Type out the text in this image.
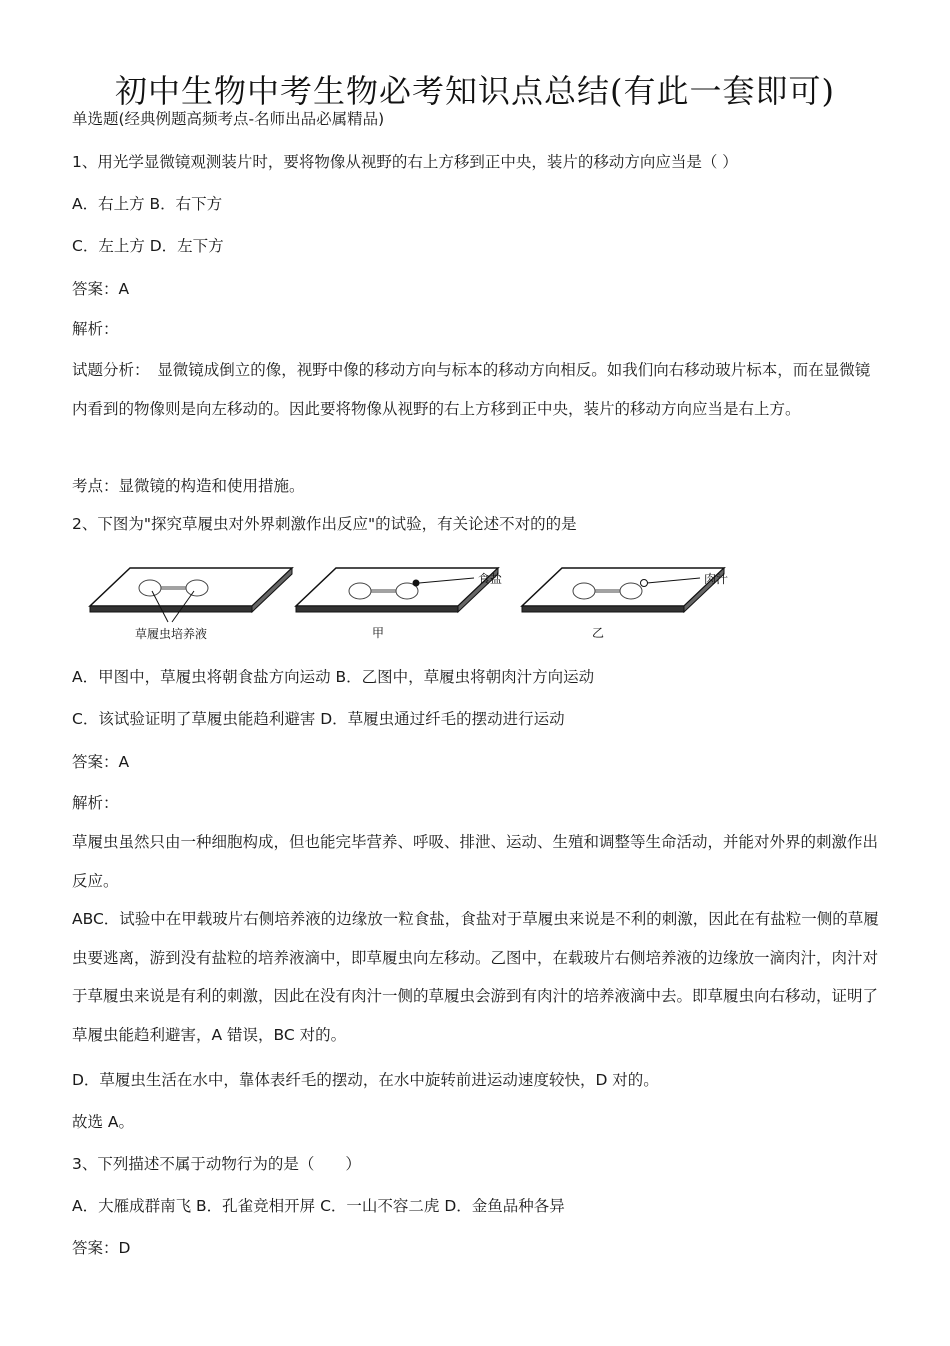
初中生物中考生物必考知识点总结(有此一套即可)
单选题(经典例题高频考点-名师出品必属精品)
1、用光学显微镜观测装片时，要将物像从视野的右上方移到正中央，装片的移动方向应当是（ ）
A．右上方 B．右下方
C．左上方 D．左下方
答案：A
解析：
试题分析：　显微镜成倒立的像，视野中像的移动方向与标本的移动方向相反。如我们向右移动玻片标本，而在显微镜内看到的物像则是向左移动的。因此要将物像从视野的右上方移到正中央，装片的移动方向应当是右上方。
考点：显微镜的构造和使用措施。
2、下图为"探究草履虫对外界刺激作出反应"的试验，有关论述不对的的是
草履虫培养液
食盐
甲
肉汁
乙
A．甲图中，草履虫将朝食盐方向运动 B．乙图中，草履虫将朝肉汁方向运动
C．该试验证明了草履虫能趋利避害 D．草履虫通过纤毛的摆动进行运动
答案：A
解析：
草履虫虽然只由一种细胞构成，但也能完毕营养、呼吸、排泄、运动、生殖和调整等生命活动，并能对外界的刺激作出反应。
ABC．试验中在甲载玻片右侧培养液的边缘放一粒食盐，食盐对于草履虫来说是不利的刺激，因此在有盐粒一侧的草履虫要逃离，游到没有盐粒的培养液滴中，即草履虫向左移动。乙图中，在载玻片右侧培养液的边缘放一滴肉汁，肉汁对于草履虫来说是有利的刺激，因此在没有肉汁一侧的草履虫会游到有肉汁的培养液滴中去。即草履虫向右移动，证明了草履虫能趋利避害，A 错误，BC 对的。
D．草履虫生活在水中，靠体表纤毛的摆动，在水中旋转前进运动速度较快，D 对的。
故选 A。
3、下列描述不属于动物行为的是（　　）
A．大雁成群南飞 B．孔雀竞相开屏 C．一山不容二虎 D．金鱼品种各异
答案：D
